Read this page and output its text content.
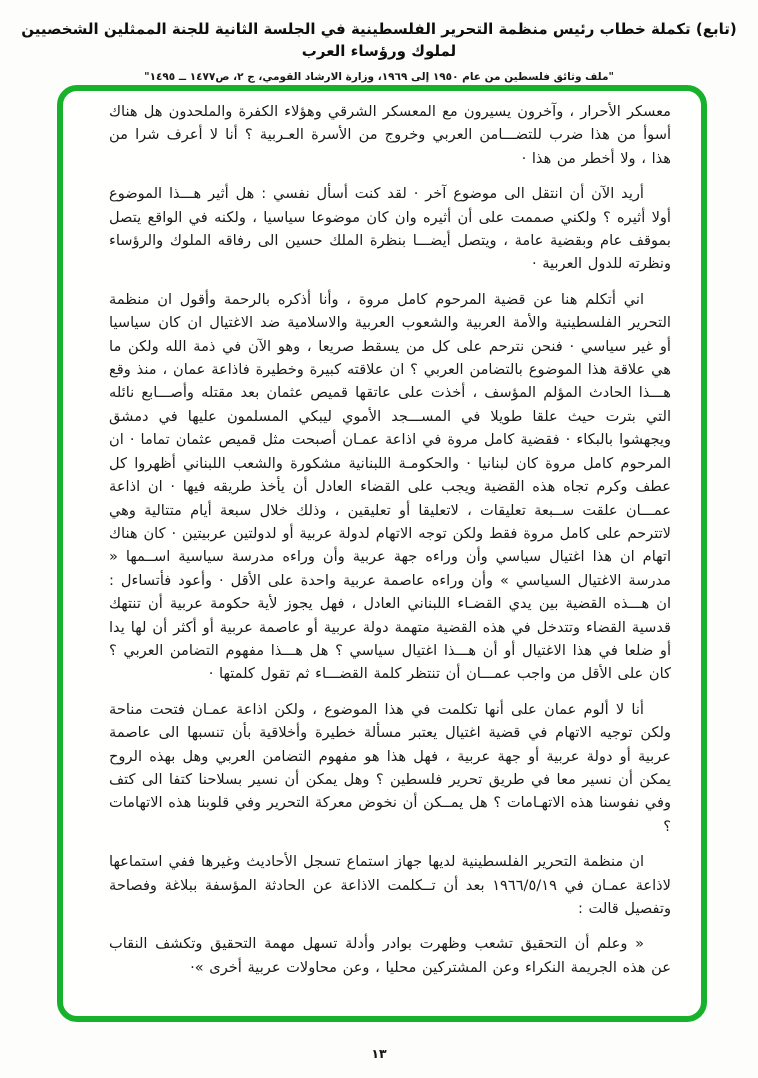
(تابع) تكملة خطاب رئيس منظمة التحرير الفلسطينية في الجلسة الثانية للجنة الممثلين الشخصيين لملوك ورؤساء العرب
"ملف وثائق فلسطين من عام ١٩٥٠ إلى ١٩٦٩، وزارة الارشاد القومي، ج ٢، ص١٤٧٧ ــ ١٤٩٥"

معسكر الأحرار ، وآخرون يسيرون مع المعسكر الشرقي وهؤلاء الكفرة والملحدون هل هناك أسوأ من هذا ضرب للتضـــامن العربي وخروج من الأسرة العـربية ؟ أنا لا أعرف شرا من هذا ، ولا أخطر من هذا ·

أريد الآن أن انتقل الى موضوع آخر · لقد كنت أسأل نفسي : هل أثير هـــذا الموضوع أولا أثيره ؟ ولكني صممت على أن أثيره وان كان موضوعا سياسيا ، ولكنه في الواقع يتصل بموقف عام وبقضية عامة ، ويتصل أيضـــا بنظرة الملك حسين الى رفاقه الملوك والرؤساء ونظرته للدول العربية ·

اني أتكلم هنا عن قضية المرحوم كامل مروة ، وأنا أذكره بالرحمة وأقول ان منظمة التحرير الفلسطينية والأمة العربية والشعوب العربية والاسلامية ضد الاغتيال ان كان سياسيا أو غير سياسي · فنحن نترحم على كل من يسقط صريعا ، وهو الآن في ذمة الله ولكن ما هي علاقة هذا الموضوع بالتضامن العربي ؟ ان علاقته كبيرة وخطيرة فاذاعة عمان ، منذ وقع هـــذا الحادث المؤلم المؤسف ، أخذت على عاتقها قميص عثمان بعد مقتله وأصـــابع نائله التي بترت حيث علقا طويلا في المســـجد الأموي ليبكي المسلمون عليها في دمشق ويجهشوا بالبكاء · فقضية كامل مروة في اذاعة عمـان أصبحت مثل قميص عثمان تماما · ان المرحوم كامل مروة كان لبنانيا · والحكومـة اللبنانية مشكورة والشعب اللبناني أظهروا كل عطف وكرم تجاه هذه القضية ويجب على القضاء العادل أن يأخذ طريقه فيها · ان اذاعة عمـــان علقت ســبعة تعليقات ، لاتعليقا أو تعليقين ، وذلك خلال سبعة أيام متتالية وهي لاتترحم على كامل مروة فقط ولكن توجه الاتهام لدولة عربية أو لدولتين عربيتين · كان هناك اتهام ان هذا اغتيال سياسي وأن وراءه جهة عربية وأن وراءه مدرسة سياسية اســمها « مدرسة الاغتيال السياسي » وأن وراءه عاصمة عربية واحدة على الأقل · وأعود فأتساءل : ان هـــذه القضية بين يدي القضـاء اللبناني العادل ، فهل يجوز لأية حكومة عربية أن تنتهك قدسية القضاء وتتدخل في هذه القضية متهمة دولة عربية أو عاصمة عربية أو أكثر أن لها يدا أو ضلعا في هذا الاغتيال أو أن هـــذا اغتيال سياسي ؟ هل هـــذا مفهوم التضامن العربي ؟ كان على الأقل من واجب عمـــان أن تنتظر كلمة القضـــاء ثم تقول كلمتها ·

أنا لا ألوم عمان على أنها تكلمت في هذا الموضوع ، ولكن اذاعة عمـان فتحت مناحة ولكن توجيه الاتهام في قضية اغتيال يعتبر مسألة خطيرة وأخلاقية بأن تنسبها الى عاصمة عربية أو دولة عربية أو جهة عربية ، فهل هذا هو مفهوم التضامن العربي وهل بهذه الروح يمكن أن نسير معا في طريق تحرير فلسطين ؟ وهل يمكن أن نسير بسلاحنا كتفا الى كتف وفي نفوسنا هذه الاتهـامات ؟ هل يمــكن أن نخوض معركة التحرير وفي قلوبنا هذه الاتهامات ؟

ان منظمة التحرير الفلسطينية لديها جهاز استماع تسجل الأحاديث وغيرها ففي استماعها لاذاعة عمـان في ١٩٦٦/٥/١٩ بعد أن تــكلمت الاذاعة عن الحادثة المؤسفة ببلاغة وفصاحة وتفصيل قالت :

« وعلم أن التحقيق تشعب وظهرت بوادر وأدلة تسهل مهمة التحقيق وتكشف النقاب عن هذه الجريمة النكراء وعن المشتركين محليا ، وعن محاولات عربية أخرى »·

١٣
